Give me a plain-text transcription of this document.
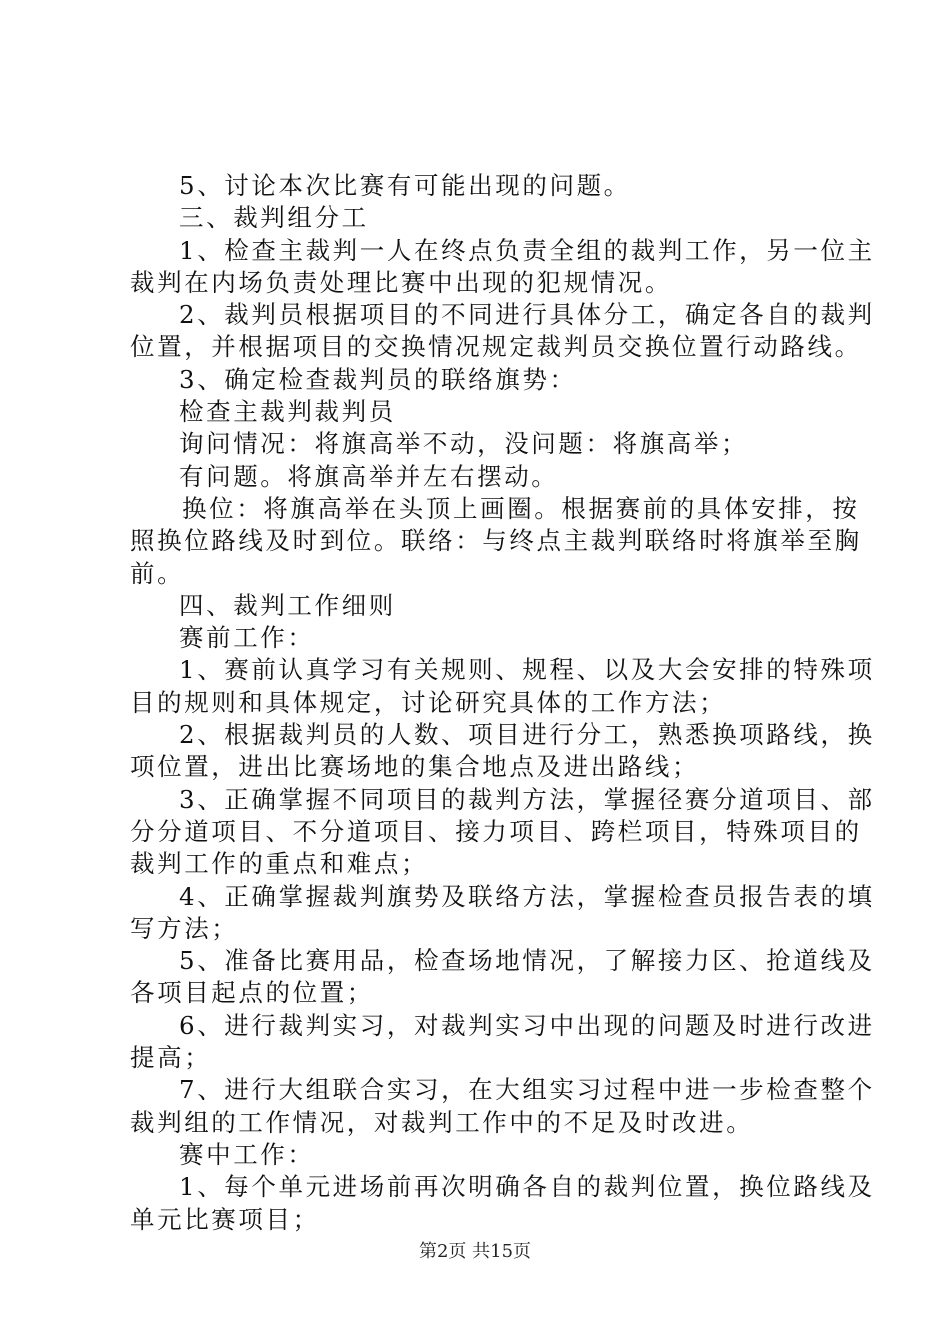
5、讨论本次比赛有可能出现的问题。
三、裁判组分工
1、检查主裁判一人在终点负责全组的裁判工作，另一位主
裁判在内场负责处理比赛中出现的犯规情况。
2、裁判员根据项目的不同进行具体分工，确定各自的裁判
位置，并根据项目的交换情况规定裁判员交换位置行动路线。
3、确定检查裁判员的联络旗势：
检查主裁判裁判员
询问情况：将旗高举不动，没问题：将旗高举；
有问题。将旗高举并左右摆动。
换位：将旗高举在头顶上画圈。根据赛前的具体安排，按
照换位路线及时到位。联络：与终点主裁判联络时将旗举至胸
前。
四、裁判工作细则
赛前工作：
1、赛前认真学习有关规则、规程、以及大会安排的特殊项
目的规则和具体规定，讨论研究具体的工作方法；
2、根据裁判员的人数、项目进行分工，熟悉换项路线，换
项位置，进出比赛场地的集合地点及进出路线；
3、正确掌握不同项目的裁判方法，掌握径赛分道项目、部
分分道项目、不分道项目、接力项目、跨栏项目，特殊项目的
裁判工作的重点和难点；
4、正确掌握裁判旗势及联络方法，掌握检查员报告表的填
写方法；
5、准备比赛用品，检查场地情况，了解接力区、抢道线及
各项目起点的位置；
6、进行裁判实习，对裁判实习中出现的问题及时进行改进
提高；
7、进行大组联合实习，在大组实习过程中进一步检查整个
裁判组的工作情况，对裁判工作中的不足及时改进。
赛中工作：
1、每个单元进场前再次明确各自的裁判位置，换位路线及
单元比赛项目；
第2页 共15页
